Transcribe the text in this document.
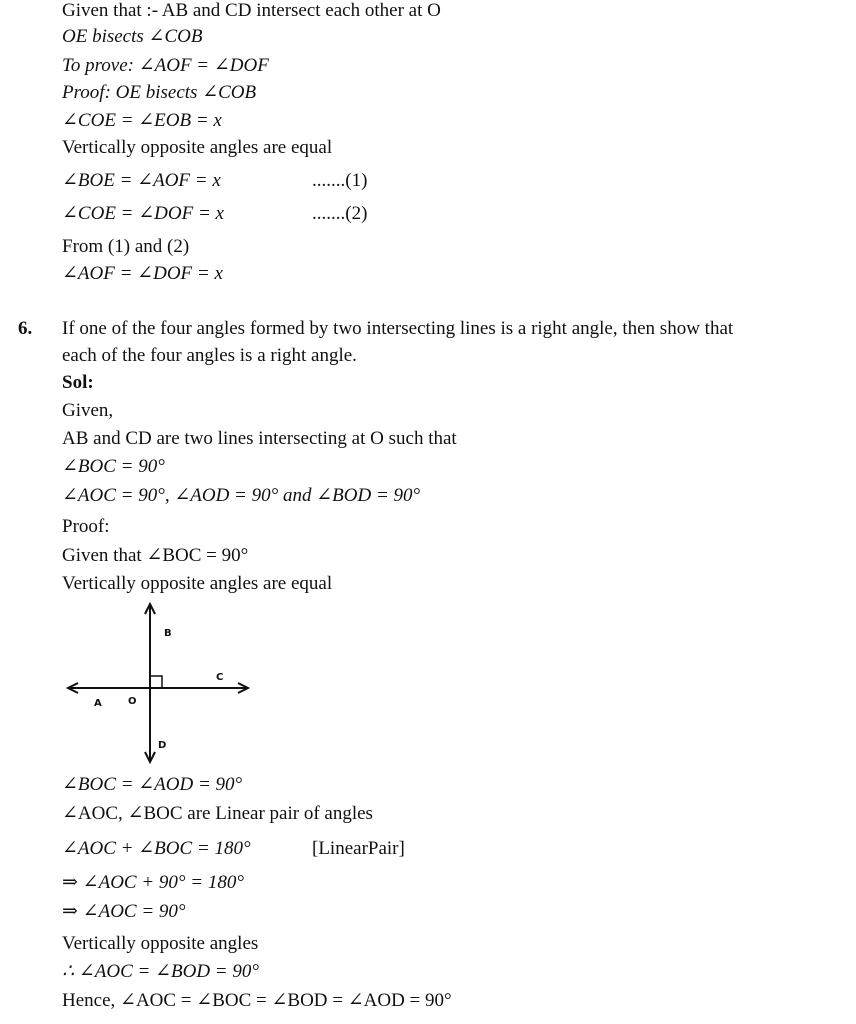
Given that :- AB and CD intersect each other at O
OE bisects ∠COB
To prove: ∠AOF = ∠DOF
Proof: OE bisects ∠COB
∠COE = ∠EOB = x
Vertically opposite angles are equal
∠BOE = ∠AOF = x	.......(1)
∠COE = ∠DOF = x	.......(2)
From (1) and (2)
∠AOF = ∠DOF = x
6. If one of the four angles formed by two intersecting lines is a right angle, then show that
each of the four angles is a right angle.
Sol:
Given,
AB and CD are two lines intersecting at O such that
∠BOC = 90°
∠AOC = 90°, ∠AOD = 90° and ∠BOD = 90°
Proof:
Given that ∠BOC = 90°
Vertically opposite angles are equal
B
C
A	O
D
∠BOC = ∠AOD = 90°
∠AOC, ∠BOC are Linear pair of angles
∠AOC + ∠BOC = 180°	[LinearPair]
⇒ ∠AOC + 90° = 180°
⇒ ∠AOC = 90°
Vertically opposite angles
∴ ∠AOC = ∠BOD = 90°
Hence, ∠AOC = ∠BOC = ∠BOD = ∠AOD = 90°
